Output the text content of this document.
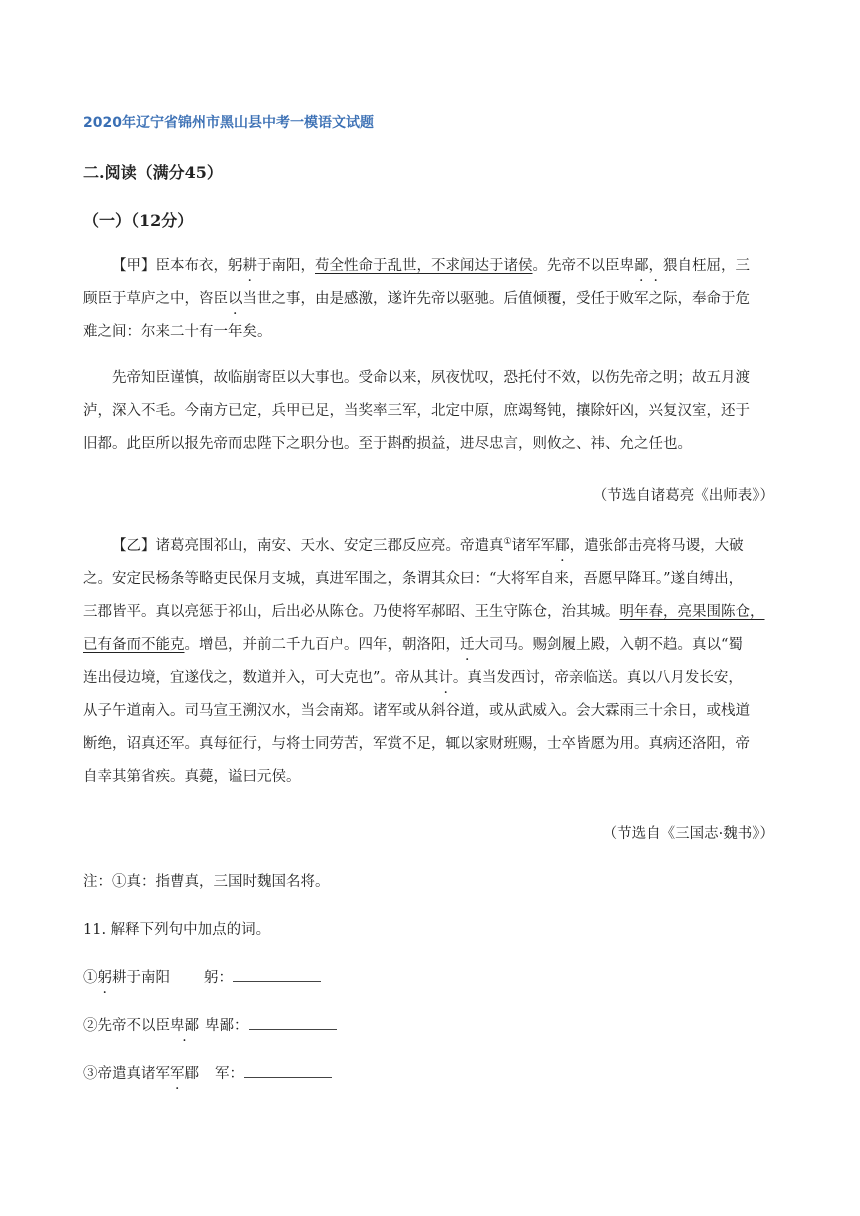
2020年辽宁省锦州市黑山县中考一模语文试题
二.阅读（满分45）
（一）（12分）
【甲】臣本布衣，躬耕于南阳，苟全性命于乱世，不求闻达于诸侯。先帝不以臣卑鄙，猥自枉屈，三
顾臣于草庐之中，咨臣以当世之事，由是感激，遂许先帝以驱驰。后值倾覆，受任于败军之际，奉命于危
难之间：尔来二十有一年矣。
先帝知臣谨慎，故临崩寄臣以大事也。受命以来，夙夜忧叹，恐托付不效，以伤先帝之明；故五月渡
泸，深入不毛。今南方已定，兵甲已足，当奖率三军，北定中原，庶竭驽钝，攘除奸凶，兴复汉室，还于
旧都。此臣所以报先帝而忠陛下之职分也。至于斟酌损益，进尽忠言，则攸之、祎、允之任也。
（节选自诸葛亮《出师表》）
【乙】诸葛亮围祁山，南安、天水、安定三郡反应亮。帝遣真①诸军军郿，遣张郃击亮将马谡，大破
之。安定民杨条等略吏民保月支城，真进军围之，条谓其众曰：“大将军自来，吾愿早降耳。”遂自缚出，
三郡皆平。真以亮惩于祁山，后出必从陈仓。乃使将军郝昭、王生守陈仓，治其城。明年春，亮果围陈仓，
已有备而不能克。增邑，并前二千九百户。四年，朝洛阳，迁大司马。赐剑履上殿，入朝不趋。真以“蜀
连出侵边境，宜遂伐之，数道并入，可大克也”。帝从其计。真当发西讨，帝亲临送。真以八月发长安，
从子午道南入。司马宣王溯汉水，当会南郑。诸军或从斜谷道，或从武威入。会大霖雨三十余日，或栈道
断绝，诏真还军。真每征行，与将士同劳苦，军赏不足，辄以家财班赐，士卒皆愿为用。真病还洛阳，帝
自幸其第省疾。真薨，谥曰元侯。
（节选自《三国志·魏书》）
注：①真：指曹真，三国时魏国名将。
11. 解释下列句中加点的词。
①躬耕于南阳 躬：
②先帝不以臣卑鄙 卑鄙：
③帝遣真诸军军郿 军：
